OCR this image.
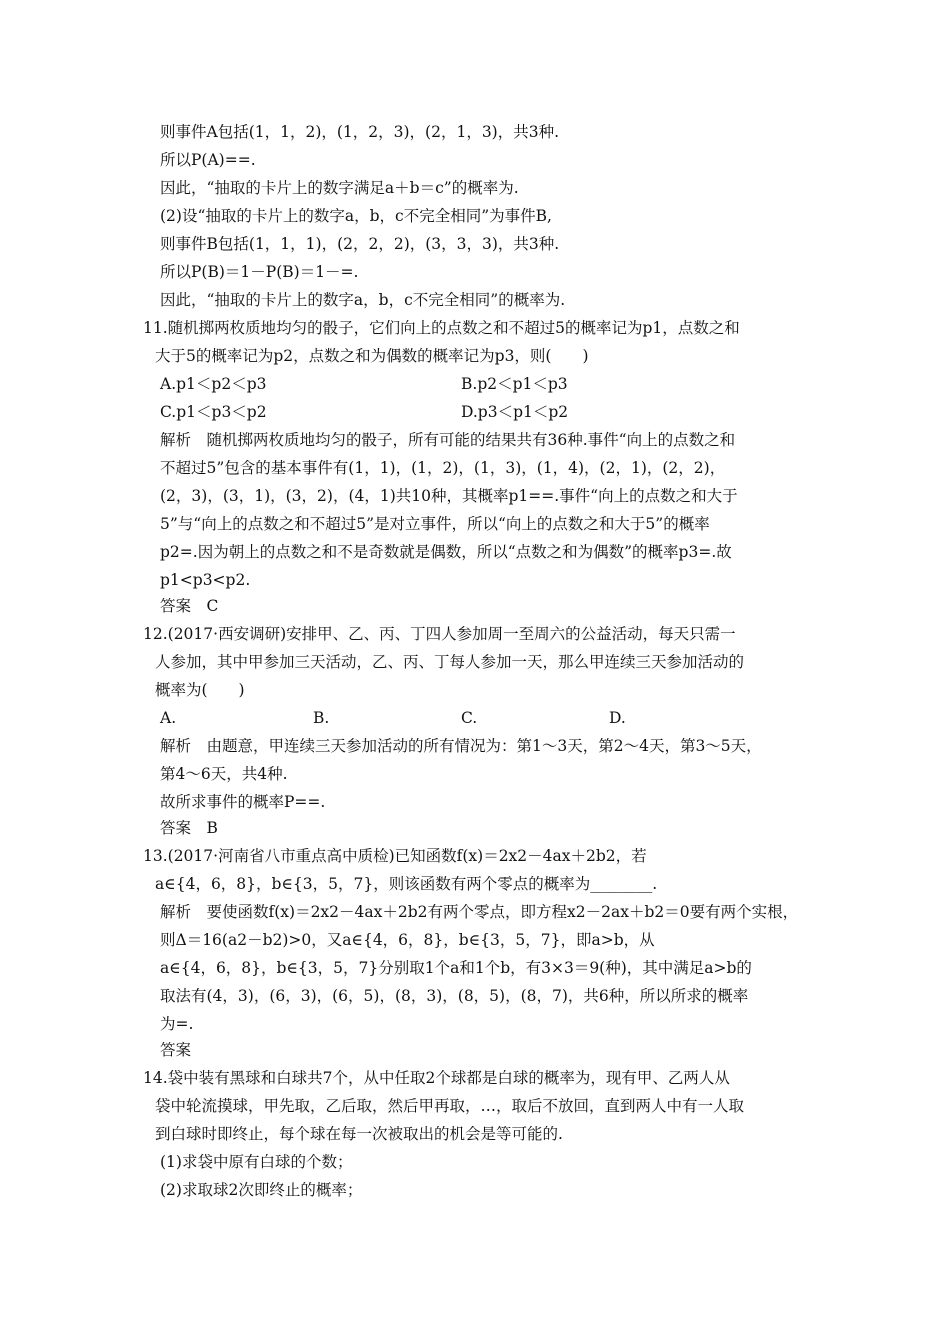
则事件A包括(1，1，2)，(1，2，3)，(2，1，3)，共3种.
所以P(A)==.
因此，“抽取的卡片上的数字满足a＋b＝c”的概率为.
(2)设“抽取的卡片上的数字a，b，c不完全相同”为事件B,
则事件B包括(1，1，1)，(2，2，2)，(3，3，3)，共3种.
所以P(B)＝1－P(B)＝1－=.
因此，“抽取的卡片上的数字a，b，c不完全相同”的概率为.
11.随机掷两枚质地均匀的骰子，它们向上的点数之和不超过5的概率记为p1，点数之和
大于5的概率记为p2，点数之和为偶数的概率记为p3，则(　　)
A.p1＜p2＜p3	B.p2＜p1＜p3
C.p1＜p3＜p2	D.p3＜p1＜p2
解析　随机掷两枚质地均匀的骰子，所有可能的结果共有36种.事件“向上的点数之和
不超过5”包含的基本事件有(1，1)，(1，2)，(1，3)，(1，4)，(2，1)，(2，2)，
(2，3)，(3，1)，(3，2)，(4，1)共10种，其概率p1==.事件“向上的点数之和大于
5”与“向上的点数之和不超过5”是对立事件，所以“向上的点数之和大于5”的概率
p2=.因为朝上的点数之和不是奇数就是偶数，所以“点数之和为偶数”的概率p3=.故
p1<p3<p2.
答案　C
12.(2017·西安调研)安排甲、乙、丙、丁四人参加周一至周六的公益活动，每天只需一
人参加，其中甲参加三天活动，乙、丙、丁每人参加一天，那么甲连续三天参加活动的
概率为(　　)
A.	B.	C.	D.
解析　由题意，甲连续三天参加活动的所有情况为：第1～3天，第2～4天，第3～5天，
第4～6天，共4种.
故所求事件的概率P==.
答案　B
13.(2017·河南省八市重点高中质检)已知函数f(x)＝2x2－4ax＋2b2，若
a∈{4，6，8}，b∈{3，5，7}，则该函数有两个零点的概率为________.
解析　要使函数f(x)＝2x2－4ax＋2b2有两个零点，即方程x2－2ax＋b2＝0要有两个实根，
则Δ＝16(a2－b2)>0，又a∈{4，6，8}，b∈{3，5，7}，即a>b，从
a∈{4，6，8}，b∈{3，5，7}分别取1个a和1个b，有3×3＝9(种)，其中满足a>b的
取法有(4，3)，(6，3)，(6，5)，(8，3)，(8，5)，(8，7)，共6种，所以所求的概率
为=.
答案
14.袋中装有黑球和白球共7个，从中任取2个球都是白球的概率为，现有甲、乙两人从
袋中轮流摸球，甲先取，乙后取，然后甲再取，…，取后不放回，直到两人中有一人取
到白球时即终止，每个球在每一次被取出的机会是等可能的.
(1)求袋中原有白球的个数；
(2)求取球2次即终止的概率；
